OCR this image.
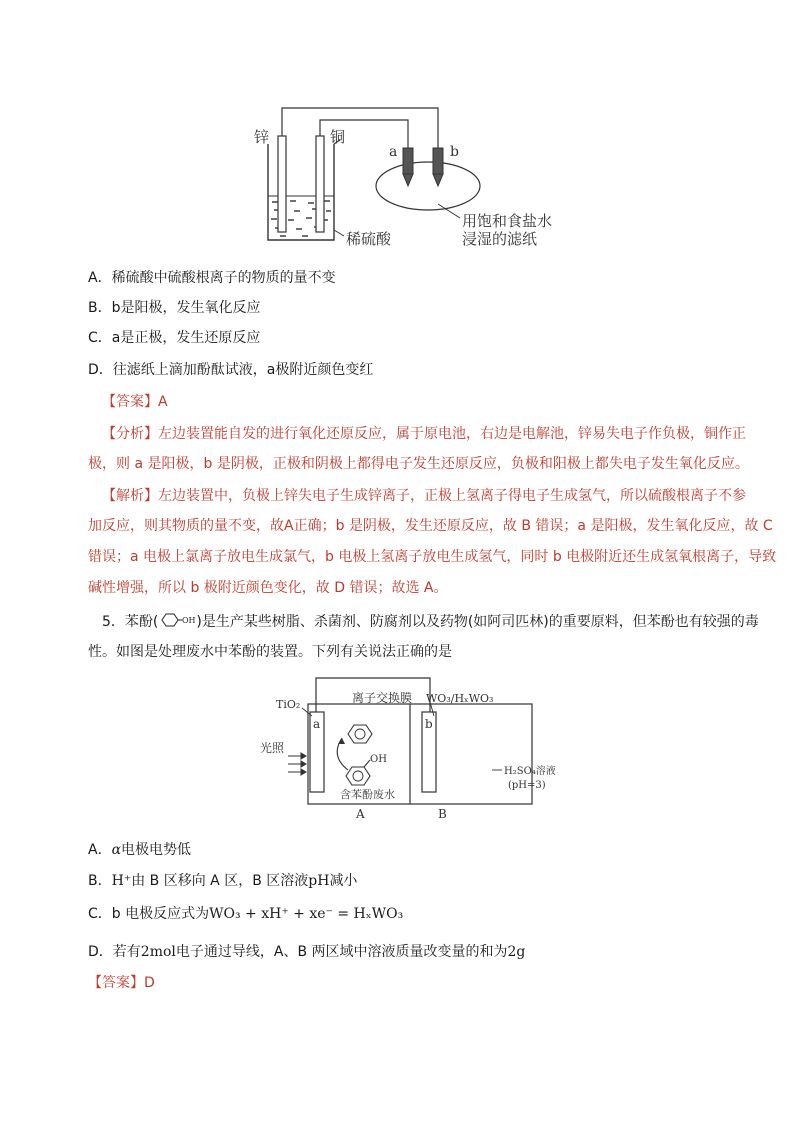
锌	铜
a	b
稀硫酸
用饱和食盐水
浸湿的滤纸
A．稀硫酸中硫酸根离子的物质的量不变
B．b是阳极，发生氧化反应
C．a是正极，发生还原反应
D．往滤纸上滴加酚酞试液，a极附近颜色变红
【答案】A
【分析】左边装置能自发的进行氧化还原反应，属于原电池，右边是电解池，锌易失电子作负极，铜作正
极，则 a 是阳极，b 是阴极，正极和阴极上都得电子发生还原反应，负极和阳极上都失电子发生氧化反应。
【解析】左边装置中，负极上锌失电子生成锌离子，正极上氢离子得电子生成氢气，所以硫酸根离子不参
加反应，则其物质的量不变，故A正确；b 是阴极，发生还原反应，故 B 错误；a 是阳极，发生氧化反应，故 C
错误；a 电极上氯离子放电生成氯气，b 电极上氢离子放电生成氢气，同时 b 电极附近还生成氢氧根离子，导致
碱性增强，所以 b 极附近颜色变化，故 D 错误；故选 A。
5．苯酚(	OH )是生产某些树脂、杀菌剂、防腐剂以及药物(如阿司匹林)的重要原料，但苯酚也有较强的毒
性。如图是处理废水中苯酚的装置。下列有关说法正确的是
离子交换膜
TiO₂	WO₃/HₓWO₃
光照
a	b
OH
含苯酚废水
H₂SO₄溶液
(pH=3)
A	B
A．α电极电势低
B．H⁺由 B 区移向 A 区，B 区溶液pH减小
C．b 电极反应式为WO₃ + xH⁺ + xe⁻ = HₓWO₃
D．若有2mol电子通过导线，A、B 两区域中溶液质量改变量的和为2g
【答案】D
